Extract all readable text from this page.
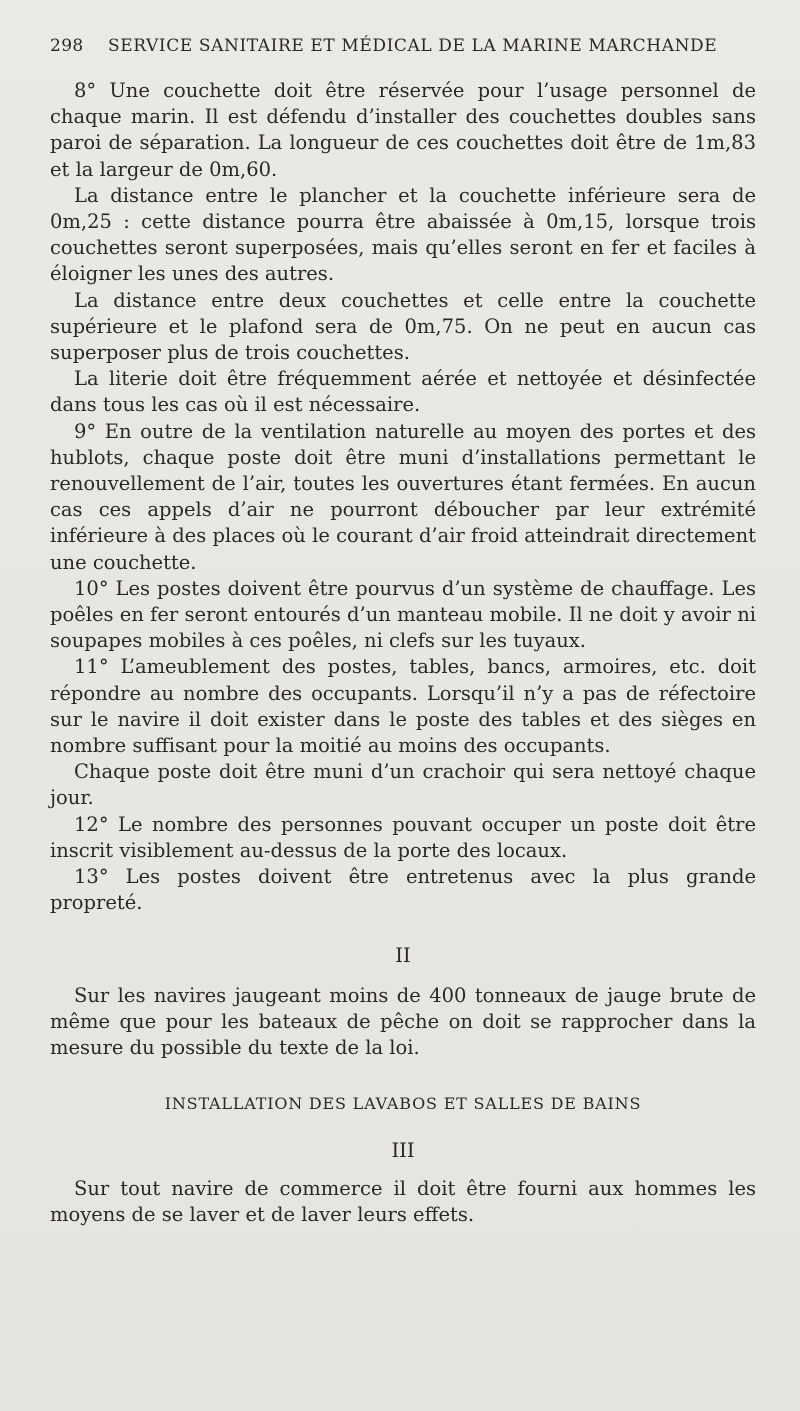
298 SERVICE SANITAIRE ET MÉDICAL DE LA MARINE MARCHANDE

8° Une couchette doit être réservée pour l’usage personnel de chaque marin. Il est défendu d’installer des couchettes doubles sans paroi de séparation. La longueur de ces couchettes doit être de 1m,83 et la largeur de 0m,60.

La distance entre le plancher et la couchette inférieure sera de 0m,25 : cette distance pourra être abaissée à 0m,15, lorsque trois couchettes seront superposées, mais qu’elles seront en fer et faciles à éloigner les unes des autres.

La distance entre deux couchettes et celle entre la couchette supérieure et le plafond sera de 0m,75. On ne peut en aucun cas superposer plus de trois couchettes.

La literie doit être fréquemment aérée et nettoyée et désinfectée dans tous les cas où il est nécessaire.

9° En outre de la ventilation naturelle au moyen des portes et des hublots, chaque poste doit être muni d’installations permettant le renouvellement de l’air, toutes les ouvertures étant fermées. En aucun cas ces appels d’air ne pourront déboucher par leur extrémité inférieure à des places où le courant d’air froid atteindrait directement une couchette.

10° Les postes doivent être pourvus d’un système de chauffage. Les poêles en fer seront entourés d’un manteau mobile. Il ne doit y avoir ni soupapes mobiles à ces poêles, ni clefs sur les tuyaux.

11° L’ameublement des postes, tables, bancs, armoires, etc. doit répondre au nombre des occupants. Lorsqu’il n’y a pas de réfectoire sur le navire il doit exister dans le poste des tables et des sièges en nombre suffisant pour la moitié au moins des occupants.

Chaque poste doit être muni d’un crachoir qui sera nettoyé chaque jour.

12° Le nombre des personnes pouvant occuper un poste doit être inscrit visiblement au-dessus de la porte des locaux.

13° Les postes doivent être entretenus avec la plus grande propreté.

II

Sur les navires jaugeant moins de 400 tonneaux de jauge brute de même que pour les bateaux de pêche on doit se rapprocher dans la mesure du possible du texte de la loi.

INSTALLATION DES LAVABOS ET SALLES DE BAINS

III

Sur tout navire de commerce il doit être fourni aux hommes les moyens de se laver et de laver leurs effets.
